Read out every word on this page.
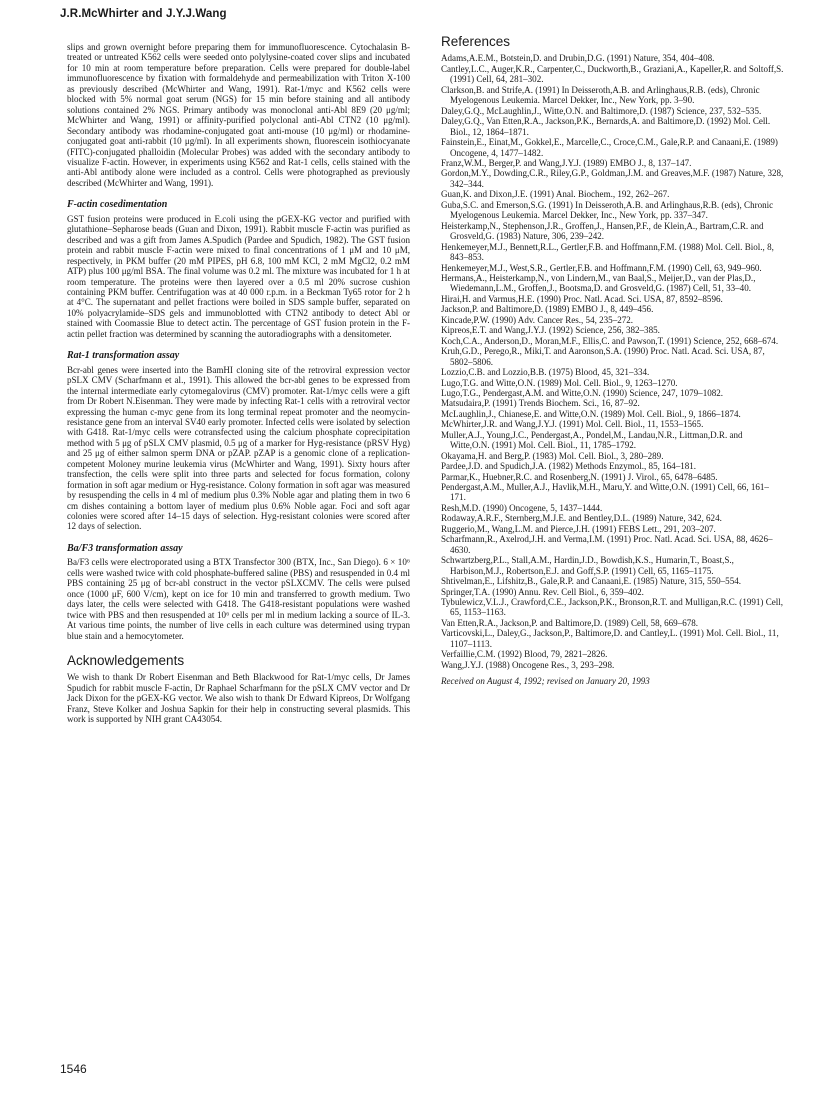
J.R.McWhirter and J.Y.J.Wang

slips and grown overnight before preparing them for immunofluorescence. Cytochalasin B-treated or untreated K562 cells were seeded onto polylysine-coated cover slips and incubated for 10 min at room temperature before preparation. Cells were prepared for double-label immunofluorescence by fixation with formaldehyde and permeabilization with Triton X-100 as previously described (McWhirter and Wang, 1991). Rat-1/myc and K562 cells were blocked with 5% normal goat serum (NGS) for 15 min before staining and all antibody solutions contained 2% NGS. Primary antibody was monoclonal anti-Abl 8E9 (20 μg/ml; McWhirter and Wang, 1991) or affinity-purified polyclonal anti-Abl CTN2 (10 μg/ml). Secondary antibody was rhodamine-conjugated goat anti-mouse (10 μg/ml) or rhodamine-conjugated goat anti-rabbit (10 μg/ml). In all experiments shown, fluorescein isothiocyanate (FITC)-conjugated phalloidin (Molecular Probes) was added with the secondary antibody to visualize F-actin. However, in experiments using K562 and Rat-1 cells, cells stained with the anti-Abl antibody alone were included as a control. Cells were photographed as previously described (McWhirter and Wang, 1991).

F-actin cosedimentation

GST fusion proteins were produced in E.coli using the pGEX-KG vector and purified with glutathione–Sepharose beads (Guan and Dixon, 1991). Rabbit muscle F-actin was purified as described and was a gift from James A.Spudich (Pardee and Spudich, 1982). The GST fusion protein and rabbit muscle F-actin were mixed to final concentrations of 1 μM and 10 μM, respectively, in PKM buffer (20 mM PIPES, pH 6.8, 100 mM KCl, 2 mM MgCl2, 0.2 mM ATP) plus 100 μg/ml BSA. The final volume was 0.2 ml. The mixture was incubated for 1 h at room temperature. The proteins were then layered over a 0.5 ml 20% sucrose cushion containing PKM buffer. Centrifugation was at 40 000 r.p.m. in a Beckman Ty65 rotor for 2 h at 4°C. The supernatant and pellet fractions were boiled in SDS sample buffer, separated on 10% polyacrylamide–SDS gels and immunoblotted with CTN2 antibody to detect Abl or stained with Coomassie Blue to detect actin. The percentage of GST fusion protein in the F-actin pellet fraction was determined by scanning the autoradiographs with a densitometer.

Rat-1 transformation assay

Bcr-abl genes were inserted into the BamHI cloning site of the retroviral expression vector pSLX CMV (Scharfmann et al., 1991). This allowed the bcr-abl genes to be expressed from the internal intermediate early cytomegalovirus (CMV) promoter. Rat-1/myc cells were a gift from Dr Robert N.Eisenman. They were made by infecting Rat-1 cells with a retroviral vector expressing the human c-myc gene from its long terminal repeat promoter and the neomycin-resistance gene from an interval SV40 early promoter. Infected cells were isolated by selection with G418. Rat-1/myc cells were cotransfected using the calcium phosphate coprecipitation method with 5 μg of pSLX CMV plasmid, 0.5 μg of a marker for Hyg-resistance (pRSV Hyg) and 25 μg of either salmon sperm DNA or pZAP. pZAP is a genomic clone of a replication-competent Moloney murine leukemia virus (McWhirter and Wang, 1991). Sixty hours after transfection, the cells were split into three parts and selected for focus formation, colony formation in soft agar medium or Hyg-resistance. Colony formation in soft agar was measured by resuspending the cells in 4 ml of medium plus 0.3% Noble agar and plating them in two 6 cm dishes containing a bottom layer of medium plus 0.6% Noble agar. Foci and soft agar colonies were scored after 14–15 days of selection. Hyg-resistant colonies were scored after 12 days of selection.

Ba/F3 transformation assay

Ba/F3 cells were electroporated using a BTX Transfector 300 (BTX, Inc., San Diego). 6 × 10⁶ cells were washed twice with cold phosphate-buffered saline (PBS) and resuspended in 0.4 ml PBS containing 25 μg of bcr-abl construct in the vector pSLXCMV. The cells were pulsed once (1000 μF, 600 V/cm), kept on ice for 10 min and transferred to growth medium. Two days later, the cells were selected with G418. The G418-resistant populations were washed twice with PBS and then resuspended at 10⁶ cells per ml in medium lacking a source of IL-3. At various time points, the number of live cells in each culture was determined using trypan blue stain and a hemocytometer.

Acknowledgements

We wish to thank Dr Robert Eisenman and Beth Blackwood for Rat-1/myc cells, Dr James Spudich for rabbit muscle F-actin, Dr Raphael Scharfmann for the pSLX CMV vector and Dr Jack Dixon for the pGEX-KG vector. We also wish to thank Dr Edward Kipreos, Dr Wolfgang Franz, Steve Kolker and Joshua Sapkin for their help in constructing several plasmids. This work is supported by NIH grant CA43054.

References

Adams,A.E.M., Botstein,D. and Drubin,D.G. (1991) Nature, 354, 404–408.

Cantley,L.C., Auger,K.R., Carpenter,C., Duckworth,B., Graziani,A., Kapeller,R. and Soltoff,S. (1991) Cell, 64, 281–302.

Clarkson,B. and Strife,A. (1991) In Deisseroth,A.B. and Arlinghaus,R.B. (eds), Chronic Myelogenous Leukemia. Marcel Dekker, Inc., New York, pp. 3–90.

Daley,G.Q., McLaughlin,J., Witte,O.N. and Baltimore,D. (1987) Science, 237, 532–535.

Daley,G.Q., Van Etten,R.A., Jackson,P.K., Bernards,A. and Baltimore,D. (1992) Mol. Cell. Biol., 12, 1864–1871.

Fainstein,E., Einat,M., Gokkel,E., Marcelle,C., Croce,C.M., Gale,R.P. and Canaani,E. (1989) Oncogene, 4, 1477–1482.

Franz,W.M., Berger,P. and Wang,J.Y.J. (1989) EMBO J., 8, 137–147.

Gordon,M.Y., Dowding,C.R., Riley,G.P., Goldman,J.M. and Greaves,M.F. (1987) Nature, 328, 342–344.

Guan,K. and Dixon,J.E. (1991) Anal. Biochem., 192, 262–267.

Guba,S.C. and Emerson,S.G. (1991) In Deisseroth,A.B. and Arlinghaus,R.B. (eds), Chronic Myelogenous Leukemia. Marcel Dekker, Inc., New York, pp. 337–347.

Heisterkamp,N., Stephenson,J.R., Groffen,J., Hansen,P.F., de Klein,A., Bartram,C.R. and Grosveld,G. (1983) Nature, 306, 239–242.

Henkemeyer,M.J., Bennett,R.L., Gertler,F.B. and Hoffmann,F.M. (1988) Mol. Cell. Biol., 8, 843–853.

Henkemeyer,M.J., West,S.R., Gertler,F.B. and Hoffmann,F.M. (1990) Cell, 63, 949–960.

Hermans,A., Heisterkamp,N., von Lindern,M., van Baal,S., Meijer,D., van der Plas,D., Wiedemann,L.M., Groffen,J., Bootsma,D. and Grosveld,G. (1987) Cell, 51, 33–40.

Hirai,H. and Varmus,H.E. (1990) Proc. Natl. Acad. Sci. USA, 87, 8592–8596.

Jackson,P. and Baltimore,D. (1989) EMBO J., 8, 449–456.

Kincade,P.W. (1990) Adv. Cancer Res., 54, 235–272.

Kipreos,E.T. and Wang,J.Y.J. (1992) Science, 256, 382–385.

Koch,C.A., Anderson,D., Moran,M.F., Ellis,C. and Pawson,T. (1991) Science, 252, 668–674.

Kruh,G.D., Perego,R., Miki,T. and Aaronson,S.A. (1990) Proc. Natl. Acad. Sci. USA, 87, 5802–5806.

Lozzio,C.B. and Lozzio,B.B. (1975) Blood, 45, 321–334.

Lugo,T.G. and Witte,O.N. (1989) Mol. Cell. Biol., 9, 1263–1270.

Lugo,T.G., Pendergast,A.M. and Witte,O.N. (1990) Science, 247, 1079–1082.

Matsudaira,P. (1991) Trends Biochem. Sci., 16, 87–92.

McLaughlin,J., Chianese,E. and Witte,O.N. (1989) Mol. Cell. Biol., 9, 1866–1874.

McWhirter,J.R. and Wang,J.Y.J. (1991) Mol. Cell. Biol., 11, 1553–1565.

Muller,A.J., Young,J.C., Pendergast,A., Pondel,M., Landau,N.R., Littman,D.R. and Witte,O.N. (1991) Mol. Cell. Biol., 11, 1785–1792.

Okayama,H. and Berg,P. (1983) Mol. Cell. Biol., 3, 280–289.

Pardee,J.D. and Spudich,J.A. (1982) Methods Enzymol., 85, 164–181.

Parmar,K., Huebner,R.C. and Rosenberg,N. (1991) J. Virol., 65, 6478–6485.

Pendergast,A.M., Muller,A.J., Havlik,M.H., Maru,Y. and Witte,O.N. (1991) Cell, 66, 161–171.

Resh,M.D. (1990) Oncogene, 5, 1437–1444.

Rodaway,A.R.F., Sternberg,M.J.E. and Bentley,D.L. (1989) Nature, 342, 624.

Ruggerio,M., Wang,L.M. and Pierce,J.H. (1991) FEBS Lett., 291, 203–207.

Scharfmann,R., Axelrod,J.H. and Verma,I.M. (1991) Proc. Natl. Acad. Sci. USA, 88, 4626–4630.

Schwartzberg,P.L., Stall,A.M., Hardin,J.D., Bowdish,K.S., Humarin,T., Boast,S., Harbison,M.J., Robertson,E.J. and Goff,S.P. (1991) Cell, 65, 1165–1175.

Shtivelman,E., Lifshitz,B., Gale,R.P. and Canaani,E. (1985) Nature, 315, 550–554.

Springer,T.A. (1990) Annu. Rev. Cell Biol., 6, 359–402.

Tybulewicz,V.L.J., Crawford,C.E., Jackson,P.K., Bronson,R.T. and Mulligan,R.C. (1991) Cell, 65, 1153–1163.

Van Etten,R.A., Jackson,P. and Baltimore,D. (1989) Cell, 58, 669–678.

Varticovski,L., Daley,G., Jackson,P., Baltimore,D. and Cantley,L. (1991) Mol. Cell. Biol., 11, 1107–1113.

Verfaillie,C.M. (1992) Blood, 79, 2821–2826.

Wang,J.Y.J. (1988) Oncogene Res., 3, 293–298.

Received on August 4, 1992; revised on January 20, 1993

1546
